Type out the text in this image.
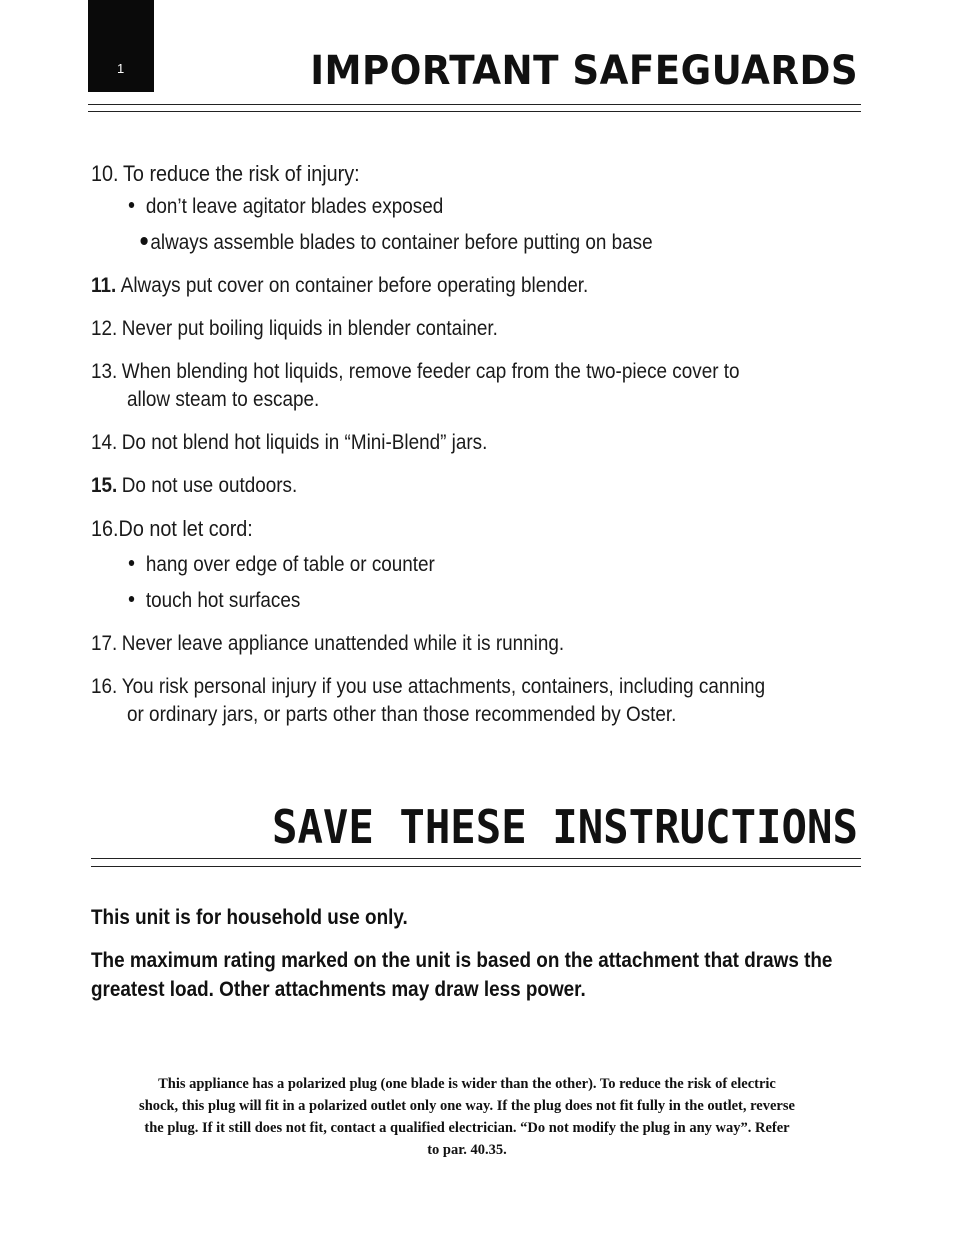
1	IMPORTANT SAFEGUARDS
10. To reduce the risk of injury:
don’t leave agitator blades exposed
always assemble blades to container before putting on base
11. Always put cover on container before operating blender.
12. Never put boiling liquids in blender container.
13. When blending hot liquids, remove feeder cap from the two-piece cover to
allow steam to escape.
14. Do not blend hot liquids in “Mini-Blend” jars.
15. Do not use outdoors.
16.Do not let cord:
hang over edge of table or counter
touch hot surfaces
17. Never leave appliance unattended while it is running.
16. You risk personal injury if you use attachments, containers, including canning
or ordinary jars, or parts other than those recommended by Oster.
SAVE THESE INSTRUCTIONS
This unit is for household use only.
The maximum rating marked on the unit is based on the attachment that draws the greatest load. Other attachments may draw less power.
This appliance has a polarized plug (one blade is wider than the other). To reduce the risk of electric shock, this plug will fit in a polarized outlet only one way. If the plug does not fit fully in the outlet, reverse the plug. If it still does not fit, contact a qualified electrician. “Do not modify the plug in any way”. Refer to par. 40.35.
